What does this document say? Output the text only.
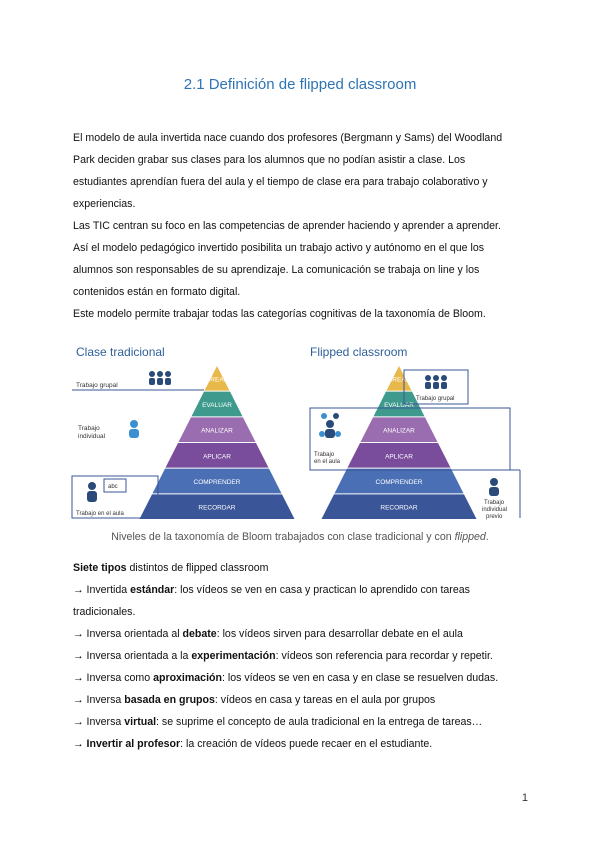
2.1 Definición de flipped classroom
El modelo de aula invertida nace cuando dos profesores (Bergmann y Sams) del Woodland
Park deciden grabar sus clases para los alumnos que no podían asistir a clase. Los
estudiantes aprendían fuera del aula y el tiempo de clase era para trabajo colaborativo y
experiencias.
Las TIC centran su foco en las competencias de aprender haciendo y aprender a aprender.
Así el modelo pedagógico invertido posibilita un trabajo activo y autónomo en el que los
alumnos son responsables de su aprendizaje. La comunicación se trabaja on line y los
contenidos están en formato digital.
Este modelo permite trabajar todas las categorías cognitivas de la taxonomía de Bloom.
Clase tradicional	Flipped classroom
CREAR
EVALUAR
ANALIZAR
APLICAR
COMPRENDER
RECORDAR
CREAR
EVALUAR
ANALIZAR
APLICAR
COMPRENDER
RECORDAR
Trabajo grupal
Trabajo
individual
abc
Trabajo en el aula
Trabajo grupal
Trabajo
en el aula
Trabajo
individual
previo
Niveles de la taxonomía de Bloom trabajados con clase tradicional y con flipped.
Siete tipos distintos de flipped classroom
→ Invertida estándar: los vídeos se ven en casa y practican lo aprendido con tareas
tradicionales.
→ Inversa orientada al debate: los vídeos sirven para desarrollar debate en el aula
→ Inversa orientada a la experimentación: vídeos son referencia para recordar y repetir.
→ Inversa como aproximación: los vídeos se ven en casa y en clase se resuelven dudas.
→ Inversa basada en grupos: vídeos en casa y tareas en el aula por grupos
→ Inversa virtual: se suprime el concepto de aula tradicional en la entrega de tareas…
→ Invertir al profesor: la creación de vídeos puede recaer en el estudiante.
1
